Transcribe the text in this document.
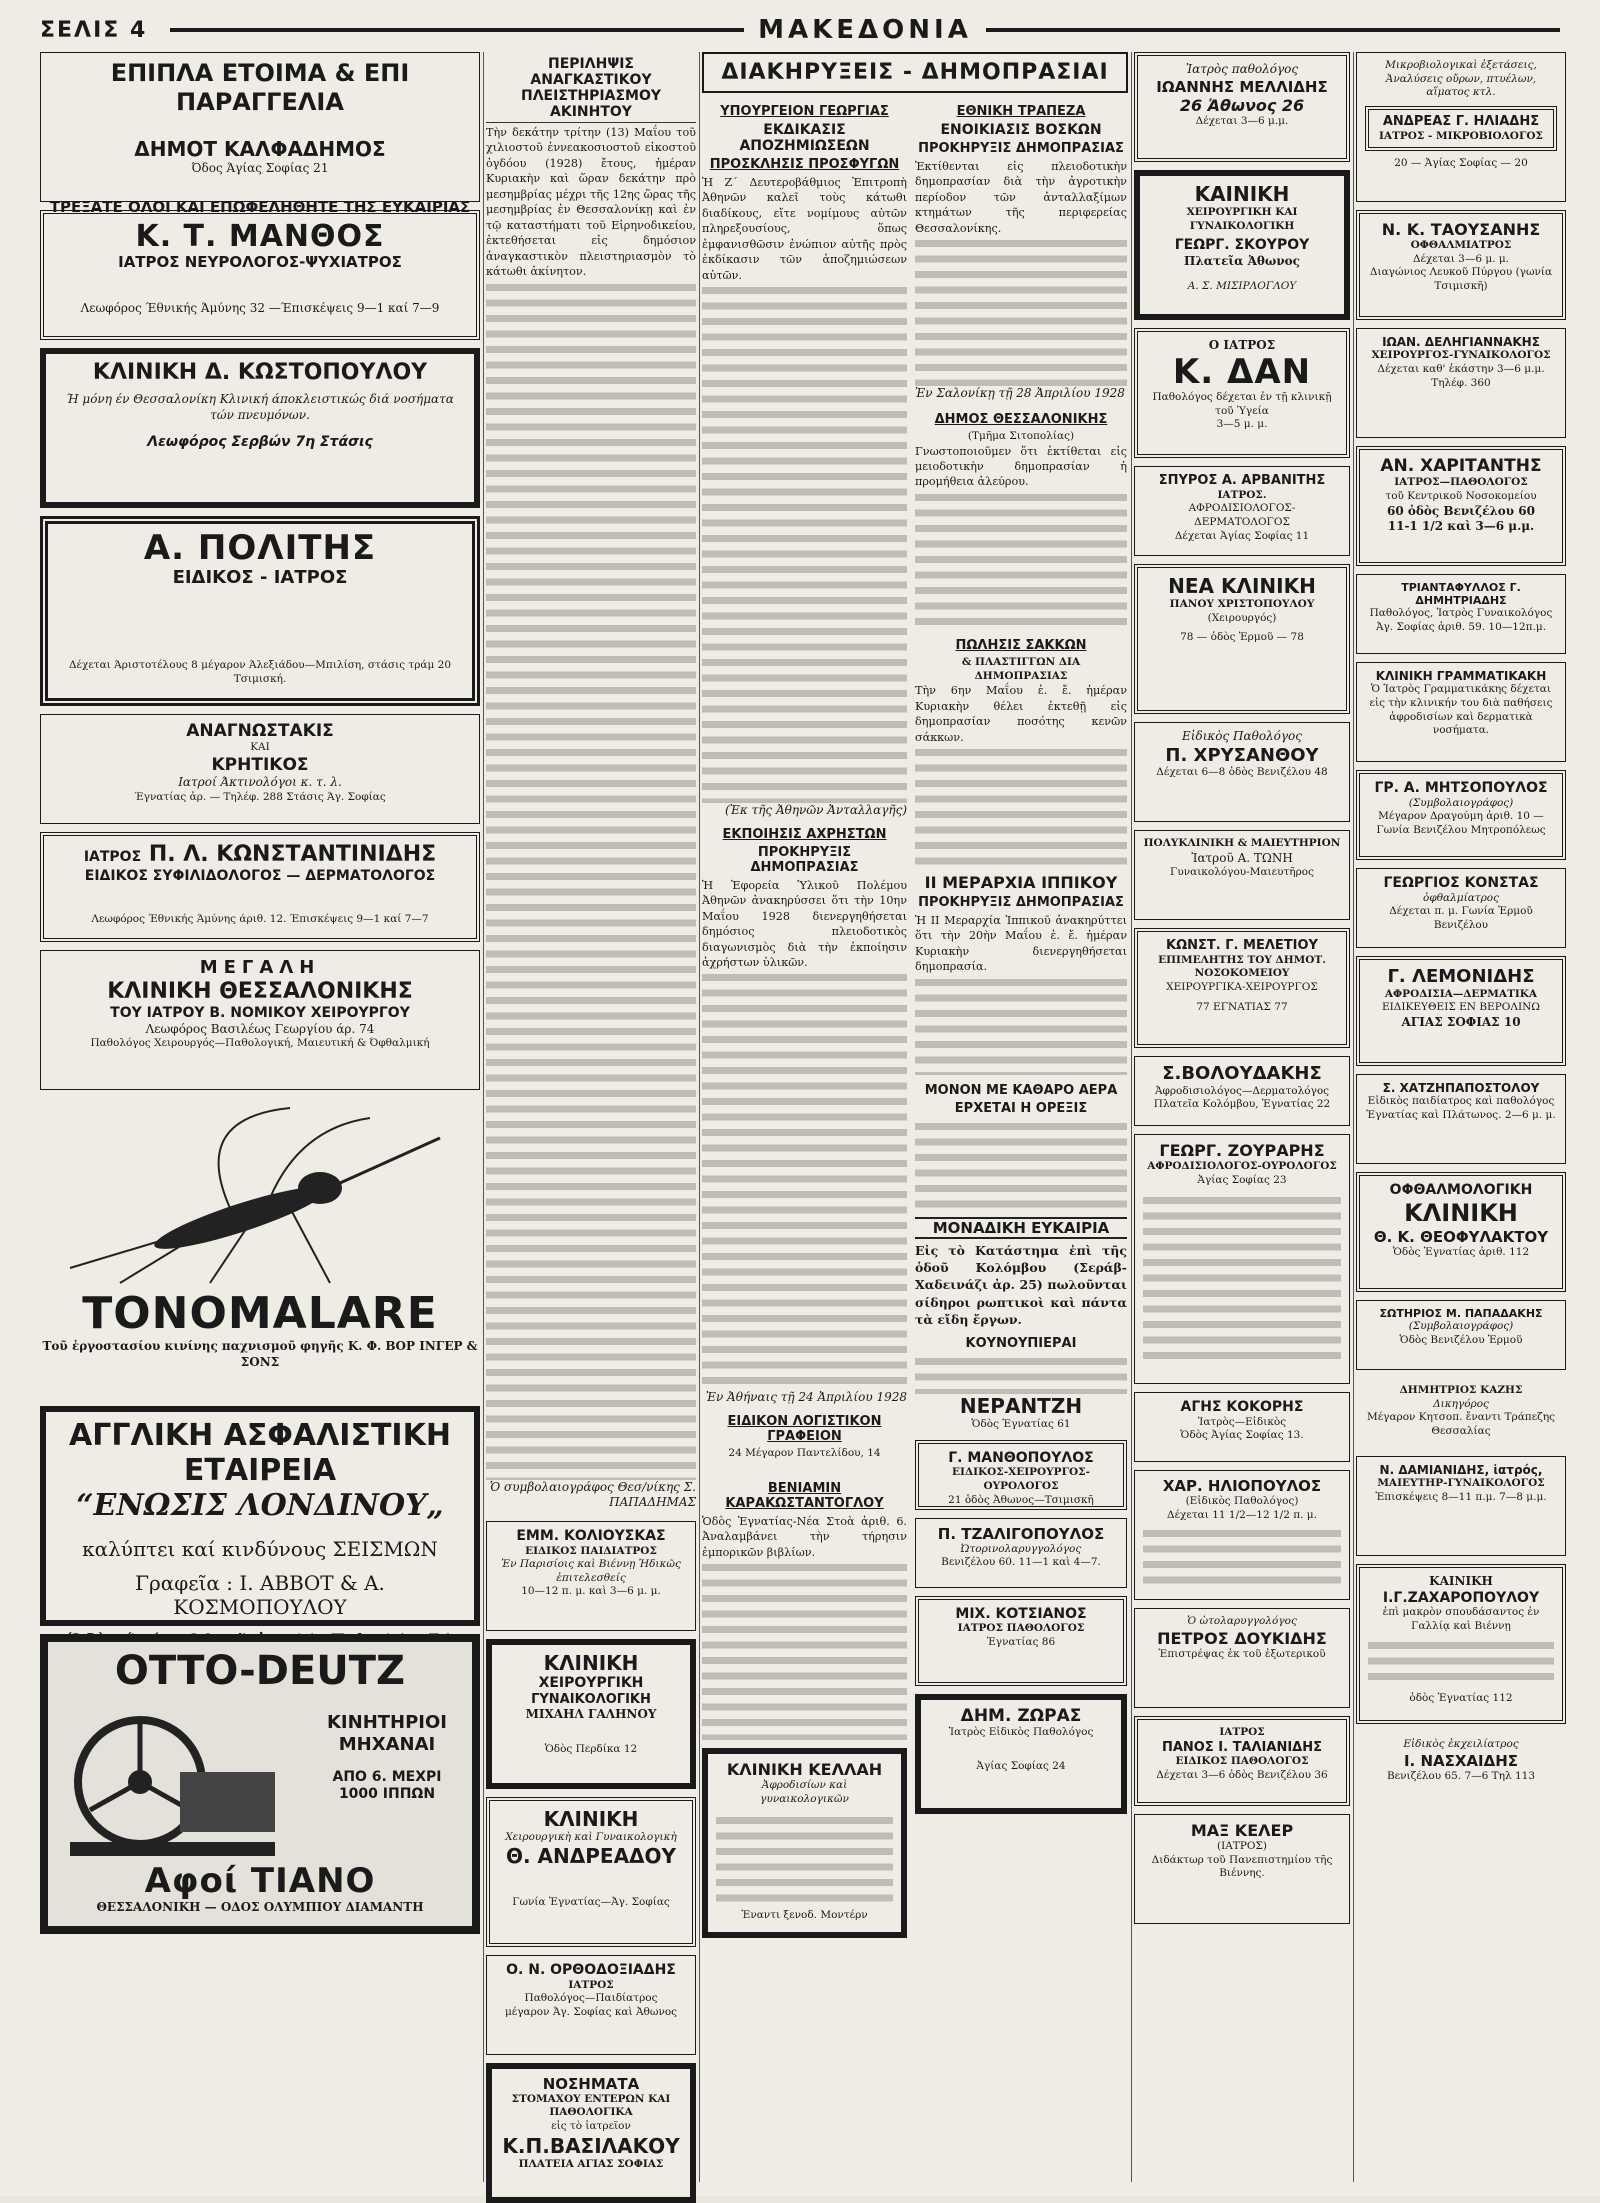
ΣΕΛΙΣ 4	ΜΑΚΕΔΟΝΙΑ
ΕΠΙΠΛΑ ΕΤΟΙΜΑ & ΕΠΙ ΠΑΡΑΓΓΕΛΙΑ
ΔΗΜΟΤ ΚΑΛΦΑΔΗΜΟΣ
Όδος Άγίας Σοφίας 21
ΤΡΕΞΑΤΕ ΟΛΟΙ ΚΑΙ ΕΠΩΦΕΛΗΘΗΤΕ ΤΗΣ ΕΥΚΑΙΡΙΑΣ
Κ. Τ. ΜΑΝΘΟΣ
ΙΑΤΡΟΣ ΝΕΥΡΟΛΟΓΟΣ-ΨΥΧΙΑΤΡΟΣ
Λεωφόρος Έθνικής Άμύνης 32 —Έπισκέψεις 9—1 καί 7—9
ΚΛΙΝΙΚΗ Δ. ΚΩΣΤΟΠΟΥΛΟΥ
Ή μόνη έν Θεσσαλονίκη Κλινική άποκλειστικώς διά νοσήματα τών πνευμόνων.
Λεωφόρος Σερβών 7η Στάσις
Α. ΠΟΛΙΤΗΣ
ΕΙΔΙΚΟΣ - ΙΑΤΡΟΣ
Δέχεται Άριστοτέλους 8 μέγαρον Άλεξιάδου—Μπιλίση, στάσις τράμ 20 Τσιμισκή.
ΑΝΑΓΝΩΣΤΑΚΙΣ
ΚΑΙ
ΚΡΗΤΙΚΟΣ
Ιατροί Άκτινολόγοι κ. τ. λ.
Έγνατίας ἀρ. — Τηλέφ. 288 Στάσις Άγ. Σοφίας
ΙΑΤΡΟΣ Π. Λ. ΚΩΝΣΤΑΝΤΙΝΙΔΗΣ
ΕΙΔΙΚΟΣ ΣΥΦΙΛΙΔΟΛΟΓΟΣ — ΔΕΡΜΑΤΟΛΟΓΟΣ
Λεωφόρος Έθνικής Άμύνης άριθ. 12. Έπισκέψεις 9—1 καί 7—7
ΜΕΓΑΛΗ
ΚΛΙΝΙΚΗ ΘΕΣΣΑΛΟΝΙΚΗΣ
ΤΟΥ ΙΑΤΡΟΥ Β. ΝΟΜΙΚΟΥ ΧΕΙΡΟΥΡΓΟΥ
Λεωφόρος Βασιλέως Γεωργίου άρ. 74
Παθολόγος Χειρουργός—Παθολογική, Μαιευτική & Όφθαλμική
TONOMALARE
Τοῦ ἐργοστασίου κινίνης παχνισμοῦ φηγῆς Κ. Φ. ΒΟΡ ΙΝΓΕΡ & ΣΟΝΣ
ΑΓΓΛΙΚΗ ΑΣΦΑΛΙΣΤΙΚΗ ΕΤΑΙΡΕΙΑ
“ΕΝΩΣΙΣ ΛΟΝΔΙΝΟΥ„
καλύπτει καί κινδύνους ΣΕΙΣΜΩΝ
Γραφεῖα : Ι. ΑΒΒΟΤ & Α. ΚΟΣΜΟΠΟΥΛΟΥ
OTTO-DEUTZ
ΚΙΝΗΤΗΡΙΟΙ
ΜΗΧΑΝΑΙ
ΑΠΟ 6. ΜΕΧΡΙ
1000 ΙΠΠΩΝ
Αφοί ΤΙΑΝΟ
ΘΕΣΣΑΛΟΝΙΚΗ — ΟΔΟΣ ΟΛΥΜΠΙΟΥ ΔΙΑΜΑΝΤΗ
ΠΕΡΙΛΗΨΙΣ ΑΝΑΓΚΑΣΤΙΚΟΥ ΠΛΕΙΣΤΗΡΙΑΣΜΟΥ ΑΚΙΝΗΤΟΥ
Τὴν δεκάτην τρίτην (13) Μαΐου τοῦ χιλιοστοῦ ἐννεακοσιοστοῦ εἰκοστοῦ ὀγδόου (1928) ἔτους, ἡμέραν Κυριακὴν καὶ ὥραν δεκάτην πρὸ μεσημβρίας μέχρι τῆς 12ης ὥρας τῆς μεσημβρίας ἐν Θεσσαλονίκῃ καὶ ἐν τῷ καταστήματι τοῦ Εἰρηνοδικείου, ἐκτεθήσεται εἰς δημόσιον ἀναγκαστικὸν πλειστηριασμὸν τὸ κάτωθι ἀκίνητον.
Ὁ συμβολαιογράφος Θεσ/νίκης Σ. ΠΑΠΑΔΗΜΑΣ
ΕΜΜ. ΚΟΛΙΟΥΣΚΑΣ
ΕΙΔΙΚΟΣ ΠΑΙΔΙΑΤΡΟΣ
Ἐν Παρισίοις καὶ Βιέννῃ Ἠδικῶς ἐπιτελεσθείς
10—12 π. μ. καὶ 3—6 μ. μ.
ΚΛΙΝΙΚΗ
ΧΕΙΡΟΥΡΓΙΚΗ
ΓΥΝΑΙΚΟΛΟΓΙΚΗ
ΜΙΧΑΗΛ ΓΑΛΗΝΟΥ
Ὁδὸς Περδίκα 12
ΚΛΙΝΙΚΗ
Χειρουργικὴ καὶ Γυναικολογικὴ
Θ. ΑΝΔΡΕΑΔΟΥ
Γωνία Ἐγνατίας—Ἀγ. Σοφίας
Ο. Ν. ΟΡΘΟΔΟΞΙΑΔΗΣ
ΙΑΤΡΟΣ
Παθολόγος—Παιδίατρος
μέγαρον Ἀγ. Σοφίας καὶ Ἀθωνος
ΝΟΣΗΜΑΤΑ
ΣΤΟΜΑΧΟΥ ΕΝΤΕΡΩΝ ΚΑΙ ΠΑΘΟΛΟΓΙΚΑ
εἰς τὸ ἰατρεῖον
Κ.Π.ΒΑΣΙΛΑΚΟΥ
ΠΛΑΤΕΙΑ ΑΓΙΑΣ ΣΟΦΙΑΣ
ΔΙΑΚΗΡΥΞΕΙΣ - ΔΗΜΟΠΡΑΣΙΑΙ
ΥΠΟΥΡΓΕΙΟΝ ΓΕΩΡΓΙΑΣ
ΕΚΔΙΚΑΣΙΣ ΑΠΟΖΗΜΙΩΣΕΩΝ
ΠΡΟΣΚΛΗΣΙΣ ΠΡΟΣΦΥΓΩΝ
Ἡ Ζ΄ Δευτεροβάθμιος Ἐπιτροπὴ Ἀθηνῶν καλεῖ τοὺς κάτωθι διαδίκους, εἴτε νομίμους αὐτῶν πληρεξουσίους, ὅπως ἐμφανισθῶσιν ἐνώπιον αὐτῆς πρὸς ἐκδίκασιν τῶν ἀποζημιώσεων αὐτῶν.
(Ἐκ τῆς Ἀθηνῶν Ἀνταλλαγῆς)
ΕΚΠΟΙΗΣΙΣ ΑΧΡΗΣΤΩΝ
ΠΡΟΚΗΡΥΞΙΣ ΔΗΜΟΠΡΑΣΙΑΣ
Ἡ Ἐφορεία Ὑλικοῦ Πολέμου Ἀθηνῶν ἀνακηρύσσει ὅτι τὴν 10ην Μαΐου 1928 διενεργηθήσεται δημόσιος πλειοδοτικὸς διαγωνισμὸς διὰ τὴν ἐκποίησιν ἀχρήστων ὑλικῶν.
Ἐν Ἀθήναις τῇ 24 Ἀπριλίου 1928
ΕΙΔΙΚΟΝ ΛΟΓΙΣΤΙΚΟΝ ΓΡΑΦΕΙΟΝ
24 Μέγαρον Παντελίδου, 14
ΒΕΝΙΑΜΙΝ ΚΑΡΑΚΩΣΤΑΝΤΟΓΛΟΥ
Ὁδὸς Ἐγνατίας-Νέα Στοὰ ἀριθ. 6. Ἀναλαμβάνει τὴν τήρησιν ἐμπορικῶν βιβλίων.
ΚΛΙΝΙΚΗ ΚΕΛΛΑΗ
Ἀφροδισίων καὶ γυναικολογικῶν
Ἐναντι ξενοδ. Μοντέρν
ΕΘΝΙΚΗ ΤΡΑΠΕΖΑ
ΕΝΟΙΚΙΑΣΙΣ ΒΟΣΚΩΝ
ΠΡΟΚΗΡΥΞΙΣ ΔΗΜΟΠΡΑΣΙΑΣ
Ἐκτίθενται εἰς πλειοδοτικὴν δημοπρασίαν διὰ τὴν ἀγροτικὴν περίοδον τῶν ἀνταλλαξίμων κτημάτων τῆς περιφερείας Θεσσαλονίκης.
Ἐν Σαλονίκῃ τῇ 28 Ἀπριλίου 1928
ΔΗΜΟΣ ΘΕΣΣΑΛΟΝΙΚΗΣ
(Τμῆμα Σιτοπολίας)
Γνωστοποιοῦμεν ὅτι ἐκτίθεται εἰς μειοδοτικὴν δημοπρασίαν ἡ προμήθεια ἀλεύρου.
ΠΩΛΗΣΙΣ ΣΑΚΚΩΝ
& ΠΛΑΣΤΙΓΓΩΝ ΔΙΑ ΔΗΜΟΠΡΑΣΙΑΣ
Τὴν 6ην Μαΐου ἐ. ἔ. ἡμέραν Κυριακὴν θέλει ἐκτεθῇ εἰς δημοπρασίαν ποσότης κενῶν σάκκων.
ΙΙ ΜΕΡΑΡΧΙΑ ΙΠΠΙΚΟΥ
ΠΡΟΚΗΡΥΞΙΣ ΔΗΜΟΠΡΑΣΙΑΣ
Ἡ ΙΙ Μεραρχία Ἱππικοῦ ἀνακηρύττει ὅτι τὴν 20ὴν Μαΐου ἐ. ἔ. ἡμέραν Κυριακὴν διενεργηθήσεται δημοπρασία.
ΜΟΝΟΝ ΜΕ ΚΑΘΑΡΟ ΑΕΡΑ
ΕΡΧΕΤΑΙ Η ΟΡΕΞΙΣ
ΜΟΝΑΔΙΚΗ ΕΥΚΑΙΡΙΑ
Εἰς τὸ Κατάστημα ἐπὶ τῆς ὁδοῦ Κολόμβου (Σεράβ-Χαδεινάζι ἀρ. 25) πωλοῦνται σίδηροι ρωπτικοὶ καὶ πάντα τὰ εἴδη ἔργων.
ΚΟΥΝΟΥΠΙΕΡΑΙ
ΝΕΡΑΝΤΖΗ
Ὁδὸς Ἐγνατίας 61
Γ. ΜΑΝΘΟΠΟΥΛΟΣ
ΕΙΔΙΚΟΣ-ΧΕΙΡΟΥΡΓΟΣ-ΟΥΡΟΛΟΓΟΣ
21 ὁδὸς Ἀθωνος—Τσιμισκῆ
Π. ΤΖΑΛΙΓΟΠΟΥΛΟΣ
Ὠτορινολαρυγγολόγος
Βενιζέλου 60. 11—1 καὶ 4—7.
ΜΙΧ. ΚΟΤΣΙΑΝΟΣ
ΙΑΤΡΟΣ ΠΑΘΟΛΟΓΟΣ
Ἐγνατίας 86
ΔΗΜ. ΖΩΡΑΣ
Ἰατρὸς Εἰδικὸς Παθολόγος
Ἀγίας Σοφίας 24
Ἰατρὸς παθολόγος
ΙΩΑΝΝΗΣ ΜΕΛΛΙΔΗΣ
26 Ἀθωνος 26
Δέχεται 3—6 μ.μ.
ΚΑΙΝΙΚΗ
ΧΕΙΡΟΥΡΓΙΚΗ ΚΑΙ ΓΥΝΑΙΚΟΛΟΓΙΚΗ
ΓΕΩΡΓ. ΣΚΟΥΡΟΥ
Πλατεῖα Ἀθωνος
Α. Σ. ΜΙΣΙΡΛΟΓΛΟΥ
Ο ΙΑΤΡΟΣ
Κ. ΔΑΝ
Παθολόγος δέχεται ἐν τῇ κλινικῇ τοῦ Ὑγεία
3—5 μ. μ.
ΣΠΥΡΟΣ Α. ΑΡΒΑΝΙΤΗΣ
ΙΑΤΡΟΣ.
ΑΦΡΟΔΙΣΙΟΛΟΓΟΣ-ΔΕΡΜΑΤΟΛΟΓΟΣ
Δέχεται Ἀγίας Σοφίας 11
ΝΕΑ ΚΛΙΝΙΚΗ
ΠΑΝΟΥ ΧΡΙΣΤΟΠΟΥΛΟΥ
(Χειρουργός)
78 — ὁδὸς Ἑρμοῦ — 78
Εἰδικὸς Παθολόγος
Π. ΧΡΥΣΑΝΘΟΥ
Δέχεται 6—8 ὁδὸς Βενιζέλου 48
ΠΟΛΥΚΛΙΝΙΚΗ & ΜΑΙΕΥΤΗΡΙΟΝ
Ἰατροῦ Α. ΤΩΝΗ
Γυναικολόγου-Μαιευτῆρος
ΚΩΝΣΤ. Γ. ΜΕΛΕΤΙΟΥ
ΕΠΙΜΕΛΗΤΗΣ ΤΟΥ ΔΗΜΟΤ. ΝΟΣΟΚΟΜΕΙΟΥ
ΧΕΙΡΟΥΡΓΙΚΑ-ΧΕΙΡΟΥΡΓΟΣ
77 ΕΓΝΑΤΙΑΣ 77
Σ.ΒΟΛΟΥΔΑΚΗΣ
Ἀφροδισιολόγος—Δερματολόγος
Πλατεῖα Κολόμβου, Ἐγνατίας 22
ΓΕΩΡΓ. ΖΟΥΡΑΡΗΣ
ΑΦΡΟΔΙΣΙΟΛΟΓΟΣ-ΟΥΡΟΛΟΓΟΣ
Ἀγίας Σοφίας 23
ΑΓΗΣ ΚΟΚΟΡΗΣ
Ἰατρὸς—Εἰδικὸς
Ὁδὸς Ἀγίας Σοφίας 13.
ΧΑΡ. ΗΛΙΟΠΟΥΛΟΣ
(Εἰδικὸς Παθολόγος)
Δέχεται 11 1/2—12 1/2 π. μ.
Ὁ ὠτολαρυγγολόγος
ΠΕΤΡΟΣ ΔΟΥΚΙΔΗΣ
Ἐπιστρέψας ἐκ τοῦ ἐξωτερικοῦ
ΙΑΤΡΟΣ
ΠΑΝΟΣ Ι. ΤΑΛΙΑΝΙΔΗΣ
ΕΙΔΙΚΟΣ ΠΑΘΟΛΟΓΟΣ
Δέχεται 3—6 ὁδὸς Βενιζέλου 36
ΜΑΞ ΚΕΛΕΡ
(ΙΑΤΡΟΣ)
Διδάκτωρ τοῦ Πανεπιστημίου τῆς Βιέννης.
Μικροβιολογικαὶ ἐξετάσεις, Ἀναλύσεις οὔρων, πτυέλων, αἵματος κτλ.
ΑΝΔΡΕΑΣ Γ. ΗΛΙΑΔΗΣ
ΙΑΤΡΟΣ - ΜΙΚΡΟΒΙΟΛΟΓΟΣ
20 — Ἀγίας Σοφίας — 20
Ν. Κ. ΤΑΟΥΣΑΝΗΣ
ΟΦΘΑΛΜΙΑΤΡΟΣ
Δέχεται 3—6 μ. μ.
Διαγώνιος Λευκοῦ Πύργου (γωνία Τσιμισκῆ)
ΙΩΑΝ. ΔΕΛΗΓΙΑΝΝΑΚΗΣ
ΧΕΙΡΟΥΡΓΟΣ-ΓΥΝΑΙΚΟΛΟΓΟΣ
Δέχεται καθ' ἑκάστην 3—6 μ.μ.
Τηλέφ. 360
ΑΝ. ΧΑΡΙΤΑΝΤΗΣ
ΙΑΤΡΟΣ—ΠΑΘΟΛΟΓΟΣ
τοῦ Κεντρικοῦ Νοσοκομείου
60 ὁδὸς Βενιζέλου 60
11-1 1/2 καὶ 3—6 μ.μ.
ΤΡΙΑΝΤΑΦΥΛΛΟΣ Γ. ΔΗΜΗΤΡΙΑΔΗΣ
Παθολόγος, Ἰατρὸς Γυναικολόγος
Ἀγ. Σοφίας ἀριθ. 59. 10—12π.μ.
ΚΛΙΝΙΚΗ ΓΡΑΜΜΑΤΙΚΑΚΗ
Ὁ Ἰατρὸς Γραμματικάκης δέχεται εἰς τὴν κλινικήν του διὰ παθήσεις ἀφροδισίων καὶ δερματικὰ νοσήματα.
ΓΡ. Α. ΜΗΤΣΟΠΟΥΛΟΣ
(Συμβολαιογράφος)
Μέγαρον Δραγούμη ἀριθ. 10 — Γωνία Βενιζέλου Μητροπόλεως
ΓΕΩΡΓΙΟΣ ΚΟΝΣΤΑΣ
ὀφθαλμίατρος
Δέχεται π. μ. Γωνία Ἑρμοῦ Βενιζέλου
Γ. ΛΕΜΟΝΙΔΗΣ
ΑΦΡΟΔΙΣΙΑ—ΔΕΡΜΑΤΙΚΑ
ΕΙΔΙΚΕΥΘΕΙΣ ΕΝ ΒΕΡΟΛΙΝΩ
ΑΓΙΑΣ ΣΟΦΙΑΣ 10
Σ. ΧΑΤΖΗΠΑΠΟΣΤΟΛΟΥ
Εἰδικὸς παιδίατρος καὶ παθολόγος
Ἐγνατίας καὶ Πλάτωνος. 2—6 μ. μ.
ΟΦΘΑΛΜΟΛΟΓΙΚΗ
ΚΛΙΝΙΚΗ
Θ. Κ. ΘΕΟΦΥΛΑΚΤΟΥ
Ὁδὸς Ἐγνατίας ἀριθ. 112
ΣΩΤΗΡΙΟΣ Μ. ΠΑΠΑΔΑΚΗΣ
(Συμβολαιογράφος)
Ὁδὸς Βενιζέλου Ἑρμοῦ
ΔΗΜΗΤΡΙΟΣ ΚΑΖΗΣ
Δικηγόρος
Μέγαρον Κητσοπ. ἔναντι Τράπεζης Θεσσαλίας
Ν. ΔΑΜΙΑΝΙΔΗΣ, ἰατρός,
ΜΑΙΕΥΤΗΡ-ΓΥΝΑΙΚΟΛΟΓΟΣ
Ἐπισκέψεις 8—11 π.μ. 7—8 μ.μ.
ΚΑΙΝΙΚΗ
Ι.Γ.ΖΑΧΑΡΟΠΟΥΛΟΥ
ἐπὶ μακρὸν σπουδάσαντος ἐν Γαλλίᾳ καὶ Βιέννῃ
ὁδὸς Ἐγνατίας 112
Εἰδικὸς ἐκχειλίατρος
Ι. ΝΑΣΧΑΙΔΗΣ
Βενιζέλου 65. 7—6 Τηλ 113
